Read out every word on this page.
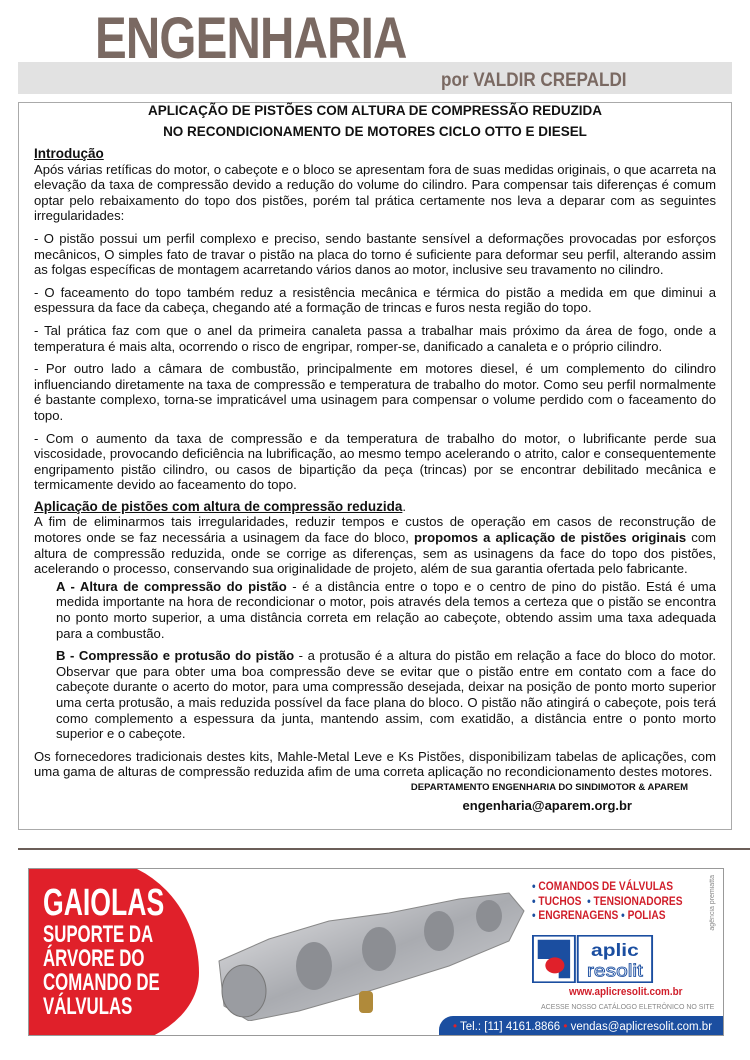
ENGENHARIA
por VALDIR CREPALDI
APLICAÇÃO DE PISTÕES COM ALTURA DE COMPRESSÃO REDUZIDA
NO RECONDICIONAMENTO DE MOTORES CICLO OTTO E DIESEL
Introdução

Após várias retíficas do motor, o cabeçote e o bloco se apresentam fora de suas medidas originais, o que acarreta na elevação da taxa de compressão devido a redução do volume do cilindro. Para compensar tais diferenças é comum optar pelo rebaixamento do topo dos pistões, porém tal prática certamente nos leva a deparar com as seguintes irregularidades:

- O pistão possui um perfil complexo e preciso, sendo bastante sensível a deformações provocadas por esforços mecânicos, O simples fato de travar o pistão na placa do torno é suficiente para deformar seu perfil, alterando assim as folgas específicas de montagem acarretando vários danos ao motor, inclusive seu travamento no cilindro.

- O faceamento do topo também reduz a resistência mecânica e térmica do pistão a medida em que diminui a espessura da face da cabeça, chegando até a formação de trincas e furos nesta região do topo.

- Tal prática faz com que o anel da primeira canaleta passa a trabalhar mais próximo da área de fogo, onde a temperatura é mais alta, ocorrendo o risco de engripar, romper-se, danificado a canaleta e o próprio cilindro.

- Por outro lado a câmara de combustão, principalmente em motores diesel, é um complemento do cilindro influenciando diretamente na taxa de compressão e temperatura de trabalho do motor. Como seu perfil normalmente é bastante complexo, torna-se impraticável uma usinagem para compensar o volume perdido com o faceamento do topo.

- Com o aumento da taxa de compressão e da temperatura de trabalho do motor, o lubrificante perde sua viscosidade, provocando deficiência na lubrificação, ao mesmo tempo acelerando o atrito, calor e consequentemente engripamento pistão cilindro, ou casos de bipartição da peça (trincas) por se encontrar debilitado mecânica e termicamente devido ao faceamento do topo.

Aplicação de pistões com altura de compressão reduzida.

A fim de eliminarmos tais irregularidades, reduzir tempos e custos de operação em casos de reconstrução de motores onde se faz necessária a usinagem da face do bloco, propomos a aplicação de pistões originais com altura de compressão reduzida, onde se corrige as diferenças, sem as usinagens da face do topo dos pistões, acelerando o processo, conservando sua originalidade de projeto, além de sua garantia ofertada pelo fabricante.

A - Altura de compressão do pistão - é a distância entre o topo e o centro de pino do pistão. Está é uma medida importante na hora de recondicionar o motor, pois através dela temos a certeza que o pistão se encontra no ponto morto superior, a uma distância correta em relação ao cabeçote, obtendo assim uma taxa adequada para a combustão.

B - Compressão e protusão do pistão - a protusão é a altura do pistão em relação a face do bloco do motor. Observar que para obter uma boa compressão deve se evitar que o pistão entre em contato com a face do cabeçote durante o acerto do motor, para uma compressão desejada, deixar na posição de ponto morto superior uma certa protusão, a mais reduzida possível da face plana do bloco. O pistão não atingirá o cabeçote, pois terá como complemento a espessura da junta, mantendo assim, com exatidão, a distância entre o ponto morto superior e o cabeçote.

Os fornecedores tradicionais destes kits, Mahle-Metal Leve e Ks Pistões, disponibilizam tabelas de aplicações, com uma gama de alturas de compressão reduzida afim de uma correta aplicação no recondicionamento destes motores.

DEPARTAMENTO ENGENHARIA DO SINDIMOTOR & APAREM
engenharia@aparem.org.br
GAIOLAS
SUPORTE DA
ÁRVORE DO
COMANDO DE
VÁLVULAS
• COMANDOS DE VÁLVULAS
• TUCHOS  • TENSIONADORES
• ENGRENAGENS • POLIAS	agência premiatta
aplic
resolit
www.aplicresolit.com.br
ACESSE NOSSO CATÁLOGO ELETRÔNICO NO SITE
• Tel.: [11] 4161.8866 • vendas@aplicresolit.com.br
